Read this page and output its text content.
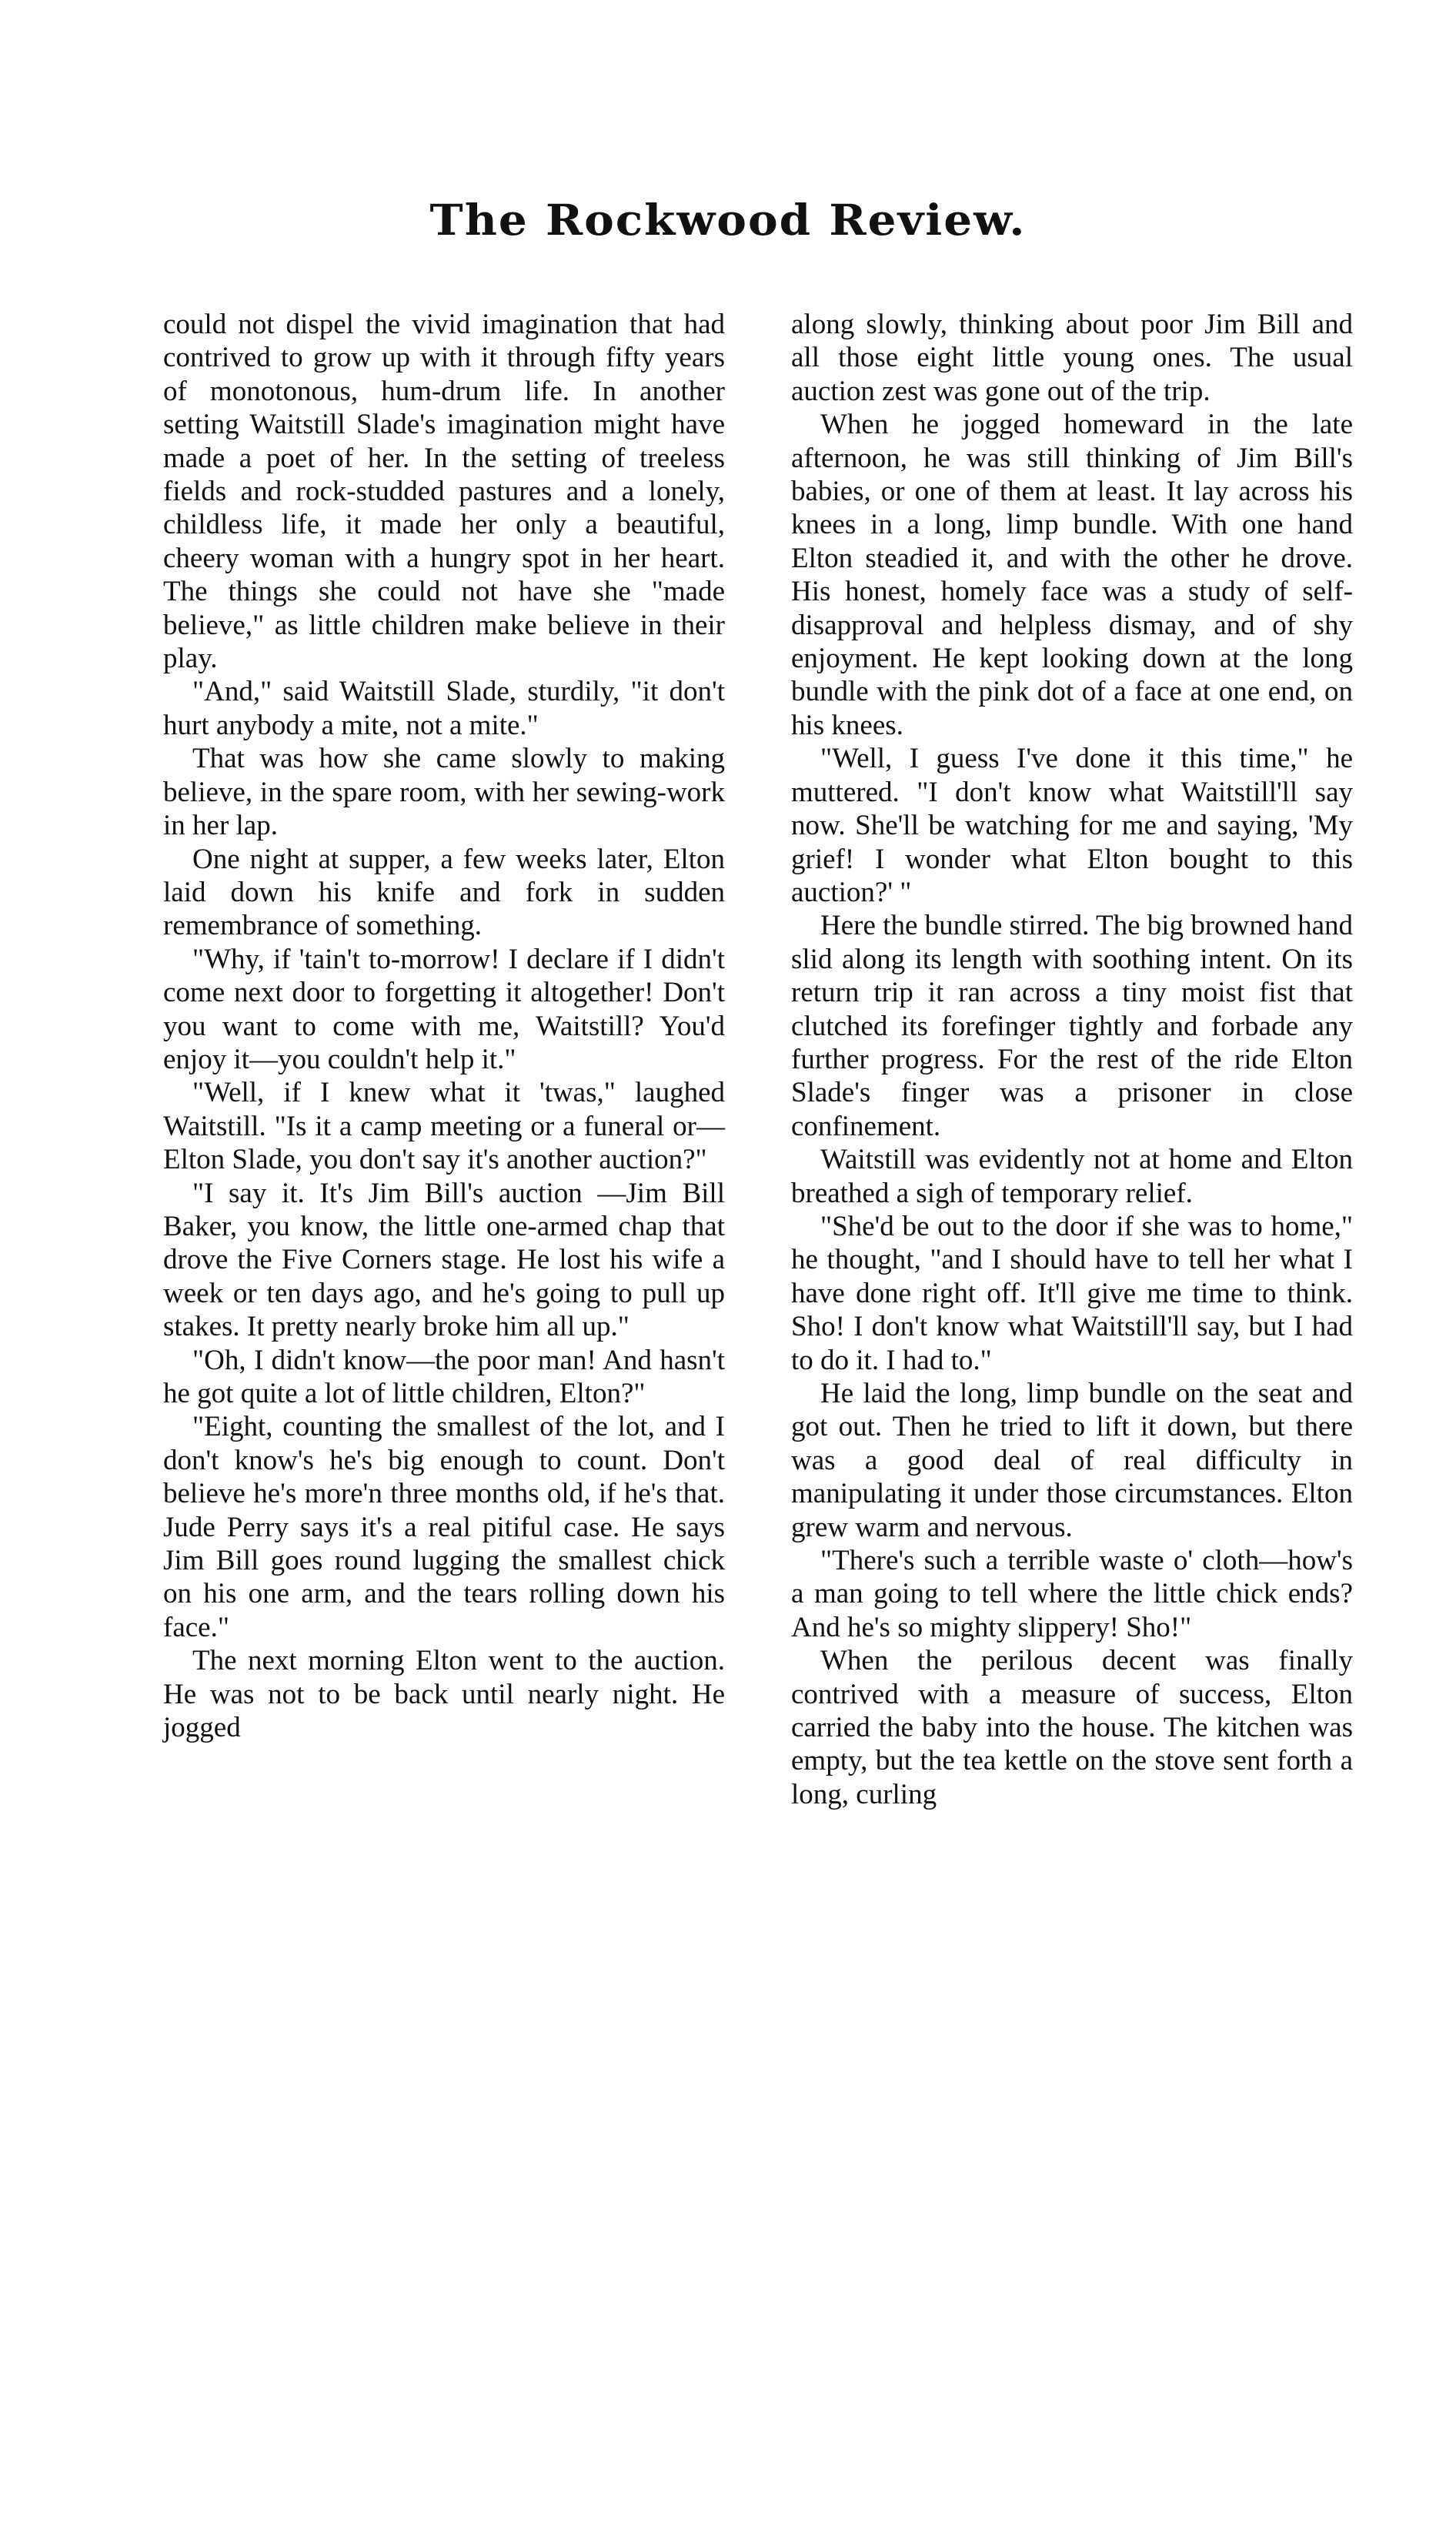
The Rockwood Review.

could not dispel the vivid imagination that had contrived to grow up with it through fifty years of monotonous, hum-drum life. In another setting Waitstill Slade's imagination might have made a poet of her. In the setting of treeless fields and rock-studded pastures and a lonely, childless life, it made her only a beautiful, cheery woman with a hungry spot in her heart. The things she could not have she "made believe," as little children make believe in their play.

"And," said Waitstill Slade, sturdily, "it don't hurt anybody a mite, not a mite."

That was how she came slowly to making believe, in the spare room, with her sewing-work in her lap.

One night at supper, a few weeks later, Elton laid down his knife and fork in sudden remembrance of something.

"Why, if 'tain't to-morrow! I declare if I didn't come next door to forgetting it altogether! Don't you want to come with me, Waitstill? You'd enjoy it—you couldn't help it."

"Well, if I knew what it 'twas," laughed Waitstill. "Is it a camp meeting or a funeral or—Elton Slade, you don't say it's another auction?"

"I say it. It's Jim Bill's auction —Jim Bill Baker, you know, the little one-armed chap that drove the Five Corners stage. He lost his wife a week or ten days ago, and he's going to pull up stakes. It pretty nearly broke him all up."

"Oh, I didn't know—the poor man! And hasn't he got quite a lot of little children, Elton?"

"Eight, counting the smallest of the lot, and I don't know's he's big enough to count. Don't believe he's more'n three months old, if he's that. Jude Perry says it's a real pitiful case. He says Jim Bill goes round lugging the smallest chick on his one arm, and the tears rolling down his face."

The next morning Elton went to the auction. He was not to be back until nearly night. He jogged

along slowly, thinking about poor Jim Bill and all those eight little young ones. The usual auction zest was gone out of the trip.

When he jogged homeward in the late afternoon, he was still thinking of Jim Bill's babies, or one of them at least. It lay across his knees in a long, limp bundle. With one hand Elton steadied it, and with the other he drove. His honest, homely face was a study of self-disapproval and helpless dismay, and of shy enjoyment. He kept looking down at the long bundle with the pink dot of a face at one end, on his knees.

"Well, I guess I've done it this time," he muttered. "I don't know what Waitstill'll say now. She'll be watching for me and saying, 'My grief! I wonder what Elton bought to this auction?' "

Here the bundle stirred. The big browned hand slid along its length with soothing intent. On its return trip it ran across a tiny moist fist that clutched its forefinger tightly and forbade any further progress. For the rest of the ride Elton Slade's finger was a prisoner in close confinement.

Waitstill was evidently not at home and Elton breathed a sigh of temporary relief.

"She'd be out to the door if she was to home," he thought, "and I should have to tell her what I have done right off. It'll give me time to think. Sho! I don't know what Waitstill'll say, but I had to do it. I had to."

He laid the long, limp bundle on the seat and got out. Then he tried to lift it down, but there was a good deal of real difficulty in manipulating it under those circumstances. Elton grew warm and nervous.

"There's such a terrible waste o' cloth—how's a man going to tell where the little chick ends? And he's so mighty slippery! Sho!"

When the perilous decent was finally contrived with a measure of success, Elton carried the baby into the house. The kitchen was empty, but the tea kettle on the stove sent forth a long, curling
